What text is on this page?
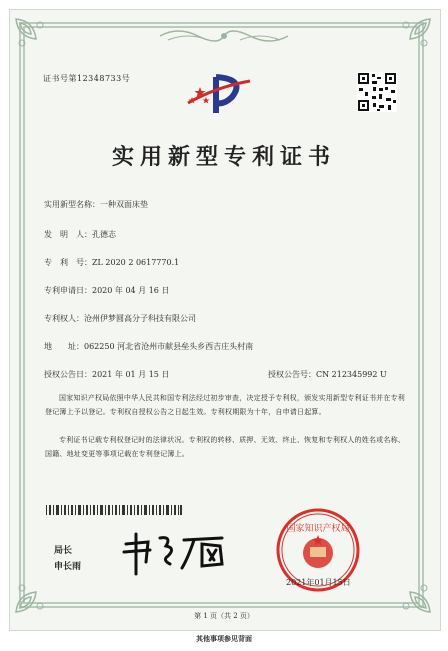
证书号第12348733号
实用新型专利证书
实用新型名称：一种双面床垫
发　明　人：孔德志
专　利　号：ZL 2020 2 0617770.1
专利申请日：2020 年 04 月 16 日
专利权人：沧州伊梦圆高分子科技有限公司
地　　址：062250 河北省沧州市献县垒头乡西吉庄头村南
授权公告日：2021 年 01 月 15 日	授权公告号：CN 212345992 U
国家知识产权局依照中华人民共和国专利法经过初步审查，决定授予专利权，颁发实用新型专利证书并在专利登记簿上予以登记。专利权自授权公告之日起生效。专利权期限为十年，自申请日起算。
专利证书记载专利权登记时的法律状况。专利权的转移、质押、无效、终止、恢复和专利权人的姓名或名称、国籍、地址变更等事项记载在专利登记簿上。
局长
申长雨
国家知识产权局
2021年01月15日
第 1 页（共 2 页）
其他事项参见背面
